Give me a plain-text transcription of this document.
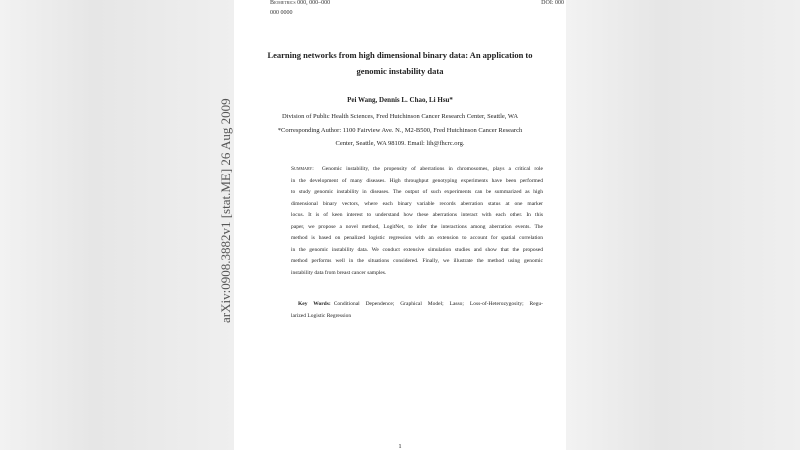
Biometrics 000, 000–000
000 0000
DOI: 000
arXiv:0908.3882v1 [stat.ME] 26 Aug 2009
Learning networks from high dimensional binary data: An application to
genomic instability data
Pei Wang, Dennis L. Chao, Li Hsu*
Division of Public Health Sciences, Fred Hutchinson Cancer Research Center, Seattle, WA
*Corresponding Author: 1100 Fairview Ave. N., M2-B500, Fred Hutchinson Cancer Research
Center, Seattle, WA 98109. Email: lih@fhcrc.org.
Summary: Genomic instability, the propensity of aberrations in chromosomes, plays a critical role
in the development of many diseases. High throughput genotyping experiments have been performed
to study genomic instability in diseases. The output of such experiments can be summarized as high
dimensional binary vectors, where each binary variable records aberration status at one marker
locus. It is of keen interest to understand how these aberrations interact with each other. In this
paper, we propose a novel method, LogitNet, to infer the interactions among aberration events. The
method is based on penalized logistic regression with an extension to account for spatial correlation
in the genomic instability data. We conduct extensive simulation studies and show that the proposed
method performs well in the situations considered. Finally, we illustrate the method using genomic
instability data from breast cancer samples.
Key Words: Conditional Dependence; Graphical Model; Lasso; Loss-of-Heterozygosity; Regu-
larized Logistic Regression
1
